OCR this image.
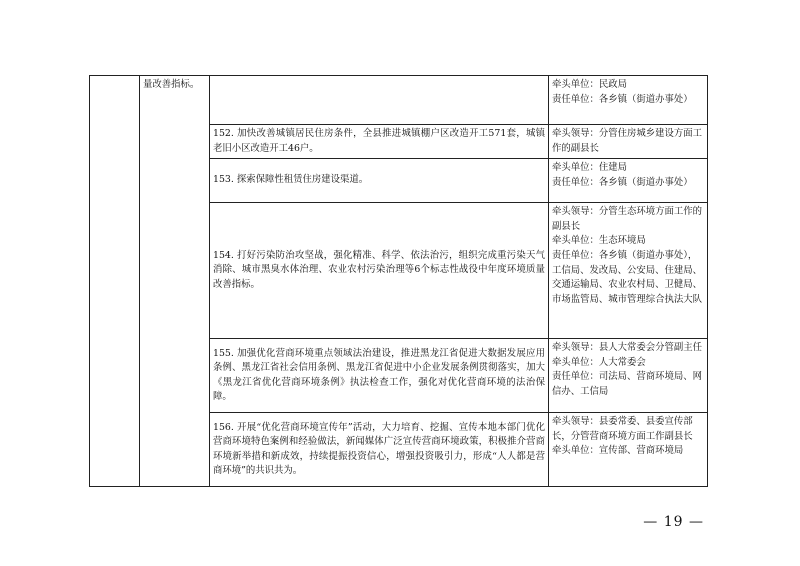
	量改善指标。		牵头单位：民政局
责任单位：各乡镇（街道办事处）

		152. 加快改善城镇居民住房条件，全县推进城镇棚户区改造开工571套，城镇老旧小区改造开工46户。	牵头领导：分管住房城乡建设方面工作的副县长

		153. 探索保障性租赁住房建设渠道。	牵头单位：住建局
责任单位：各乡镇（街道办事处）

		154. 打好污染防治攻坚战，强化精准、科学、依法治污，组织完成重污染天气消除、城市黑臭水体治理、农业农村污染治理等6个标志性战役中年度环境质量改善指标。	牵头领导：分管生态环境方面工作的副县长
牵头单位：生态环境局
责任单位：各乡镇（街道办事处），工信局、发改局、公安局、住建局、交通运输局、农业农村局、卫健局、市场监管局、城市管理综合执法大队

		155. 加强优化营商环境重点领域法治建设，推进黑龙江省促进大数据发展应用条例、黑龙江省社会信用条例、黑龙江省促进中小企业发展条例贯彻落实，加大《黑龙江省优化营商环境条例》执法检查工作，强化对优化营商环境的法治保障。	牵头领导：县人大常委会分管副主任
牵头单位：人大常委会
责任单位：司法局、营商环境局、网信办、工信局

		156. 开展“优化营商环境宣传年”活动，大力培育、挖掘、宣传本地本部门优化营商环境特色案例和经验做法，新闻媒体广泛宣传营商环境政策，积极推介营商环境新举措和新成效，持续提振投资信心，增强投资吸引力，形成“人人都是营商环境”的共识共为。	牵头领导：县委常委、县委宣传部长，分管营商环境方面工作副县长
牵头单位：宣传部、营商环境局
— 19 —
